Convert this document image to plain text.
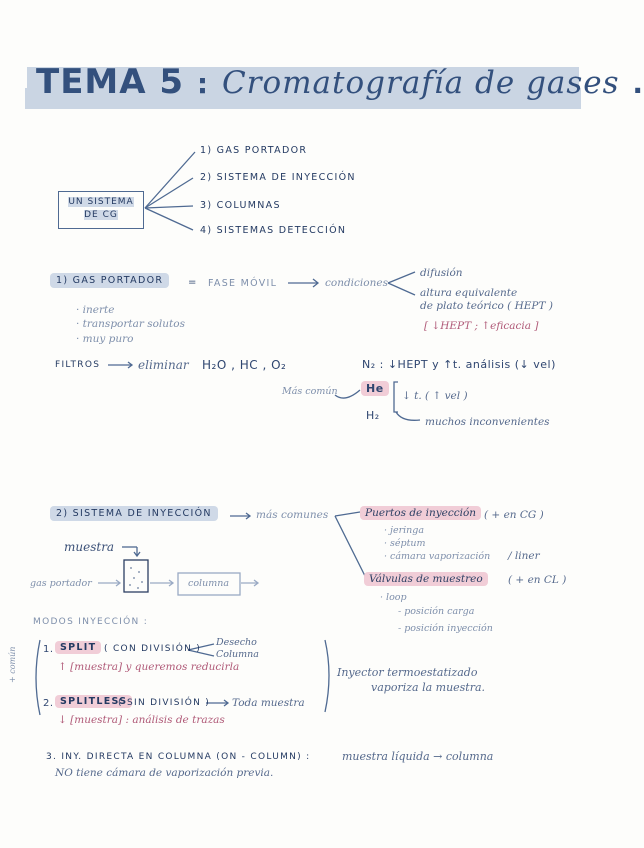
TEMA 5 : Cromatografía de gases .
UN SISTEMA DE CG
1) GAS PORTADOR
2) SISTEMA DE INYECCIÓN
3) COLUMNAS
4) SISTEMAS DETECCIÓN
1) GAS PORTADOR	= FASE MÓVIL	condiciones
difusión
altura equivalente
de plato teórico ( HEPT )
[ ↓HEPT ; ↑eficacia ]
· inerte
· transportar solutos
· muy puro
FILTROS	eliminar H₂O , HC , O₂	N₂ : ↓HEPT y ↑t. análisis (↓ vel)
Más común	He
H₂
↓ t. ( ↑ vel )
muchos inconvenientes
2) SISTEMA DE INYECCIÓN	más comunes	Puertos de inyección ( + en CG )
· jeringa
· séptum
· cámara vaporización / liner
Válvulas de muestreo	( + en CL )
· loop
- posición carga
- posición inyección
muestra
gas portador	columna
MODOS INYECCIÓN :
+ común	1. SPLIT ( CON DIVISIÓN )
Desecho
Columna
↑ [muestra] y queremos reducirla
2. SPLITLESS
( SIN DIVISIÓN ) Toda muestra
↓ [muestra] : análisis de trazas
Inyector termoestatizado
vaporiza la muestra.
3. INY. DIRECTA EN COLUMNA (ON - COLUMN) :	muestra líquida → columna
NO tiene cámara de vaporización previa.
